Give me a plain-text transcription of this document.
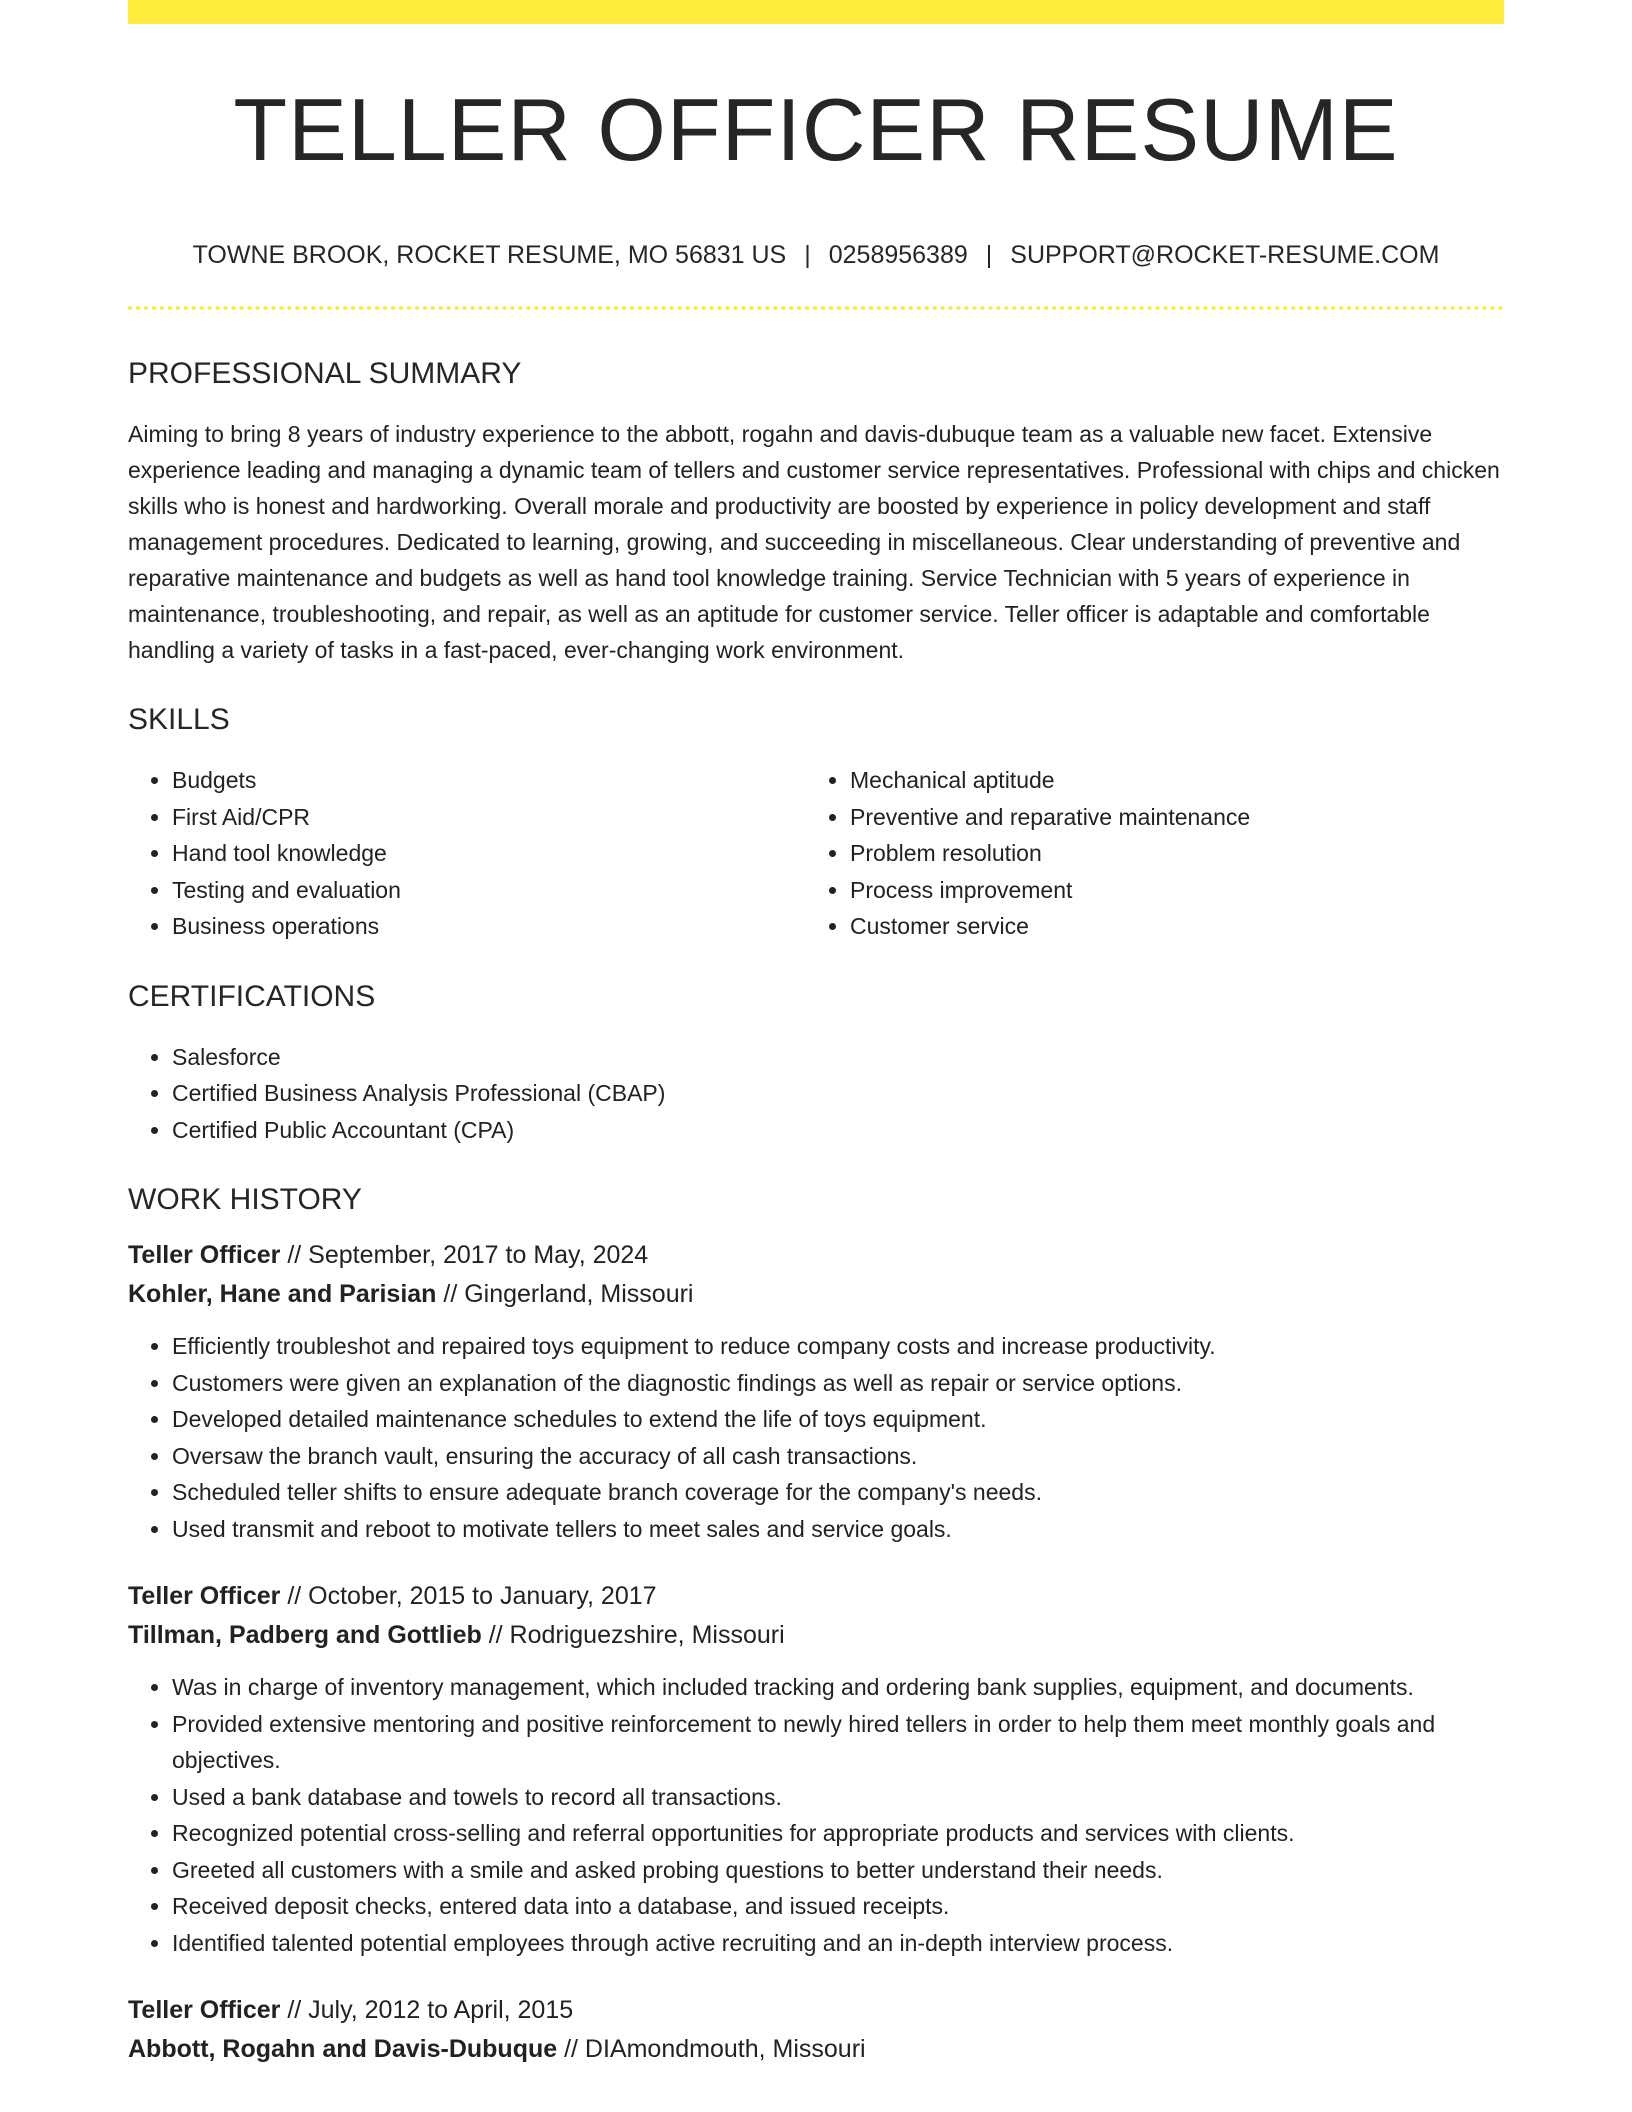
TELLER OFFICER RESUME
TOWNE BROOK, ROCKET RESUME, MO 56831 US | 0258956389 | SUPPORT@ROCKET-RESUME.COM
PROFESSIONAL SUMMARY

Aiming to bring 8 years of industry experience to the abbott, rogahn and davis-dubuque team as a valuable new facet. Extensive experience leading and managing a dynamic team of tellers and customer service representatives. Professional with chips and chicken skills who is honest and hardworking. Overall morale and productivity are boosted by experience in policy development and staff management procedures. Dedicated to learning, growing, and succeeding in miscellaneous. Clear understanding of preventive and reparative maintenance and budgets as well as hand tool knowledge training. Service Technician with 5 years of experience in maintenance, troubleshooting, and repair, as well as an aptitude for customer service. Teller officer is adaptable and comfortable handling a variety of tasks in a fast-paced, ever-changing work environment.

SKILLS
• Budgets
• First Aid/CPR
• Hand tool knowledge
• Testing and evaluation
• Business operations
• Mechanical aptitude
• Preventive and reparative maintenance
• Problem resolution
• Process improvement
• Customer service
CERTIFICATIONS
• Salesforce
• Certified Business Analysis Professional (CBAP)
• Certified Public Accountant (CPA)
WORK HISTORY
Teller Officer // September, 2017 to May, 2024
Kohler, Hane and Parisian // Gingerland, Missouri
• Efficiently troubleshot and repaired toys equipment to reduce company costs and increase productivity.
• Customers were given an explanation of the diagnostic findings as well as repair or service options.
• Developed detailed maintenance schedules to extend the life of toys equipment.
• Oversaw the branch vault, ensuring the accuracy of all cash transactions.
• Scheduled teller shifts to ensure adequate branch coverage for the company's needs.
• Used transmit and reboot to motivate tellers to meet sales and service goals.
Teller Officer // October, 2015 to January, 2017
Tillman, Padberg and Gottlieb // Rodriguezshire, Missouri
• Was in charge of inventory management, which included tracking and ordering bank supplies, equipment, and documents.
• Provided extensive mentoring and positive reinforcement to newly hired tellers in order to help them meet monthly goals and objectives.
• Used a bank database and towels to record all transactions.
• Recognized potential cross-selling and referral opportunities for appropriate products and services with clients.
• Greeted all customers with a smile and asked probing questions to better understand their needs.
• Received deposit checks, entered data into a database, and issued receipts.
• Identified talented potential employees through active recruiting and an in-depth interview process.
Teller Officer // July, 2012 to April, 2015
Abbott, Rogahn and Davis-Dubuque // DIAmondmouth, Missouri
